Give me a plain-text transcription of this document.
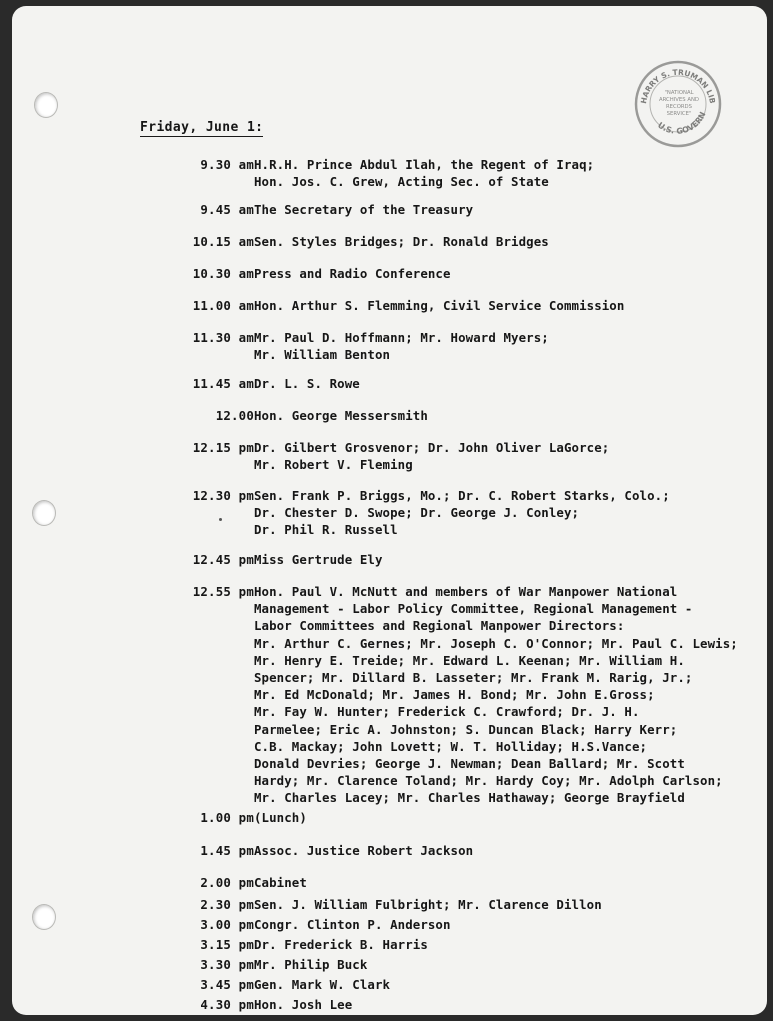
HARRY S. TRUMAN LIB
U.S. GOVERN
"NATIONAL
ARCHIVES AND
RECORDS
SERVICE"
Friday, June 1:
9.30 am H.R.H. Prince Abdul Ilah, the Regent of Iraq;
Hon. Jos. C. Grew, Acting Sec. of State
9.45 am The Secretary of the Treasury
10.15 am Sen. Styles Bridges; Dr. Ronald Bridges
10.30 am Press and Radio Conference
11.00 am Hon. Arthur S. Flemming, Civil Service Commission
11.30 am Mr. Paul D. Hoffmann; Mr. Howard Myers;
Mr. William Benton
11.45 am Dr. L. S. Rowe
12.00 Hon. George Messersmith
12.15 pm Dr. Gilbert Grosvenor; Dr. John Oliver LaGorce;
Mr. Robert V. Fleming
12.30 pm Sen. Frank P. Briggs, Mo.; Dr. C. Robert Starks, Colo.;
Dr. Chester D. Swope; Dr. George J. Conley;
Dr. Phil R. Russell
12.45 pm Miss Gertrude Ely
12.55 pm Hon. Paul V. McNutt and members of War Manpower National
Management - Labor Policy Committee, Regional Management -
Labor Committees and Regional Manpower Directors:
Mr. Arthur C. Gernes; Mr. Joseph C. O'Connor; Mr. Paul C. Lewis;
Mr. Henry E. Treide; Mr. Edward L. Keenan; Mr. William H.
Spencer; Mr. Dillard B. Lasseter; Mr. Frank M. Rarig, Jr.;
Mr. Ed McDonald; Mr. James H. Bond; Mr. John E.Gross;
Mr. Fay W. Hunter; Frederick C. Crawford; Dr. J. H.
Parmelee; Eric A. Johnston; S. Duncan Black; Harry Kerr;
C.B. Mackay; John Lovett; W. T. Holliday; H.S.Vance;
Donald Devries; George J. Newman; Dean Ballard; Mr. Scott
Hardy; Mr. Clarence Toland; Mr. Hardy Coy; Mr. Adolph Carlson;
Mr. Charles Lacey; Mr. Charles Hathaway; George Brayfield
1.00 pm (Lunch)
1.45 pm Assoc. Justice Robert Jackson
2.00 pm Cabinet
2.30 pm Sen. J. William Fulbright; Mr. Clarence Dillon
3.00 pm Congr. Clinton P. Anderson
3.15 pm Dr. Frederick B. Harris
3.30 pm Mr. Philip Buck
3.45 pm Gen. Mark W. Clark
4.30 pm Hon. Josh Lee
